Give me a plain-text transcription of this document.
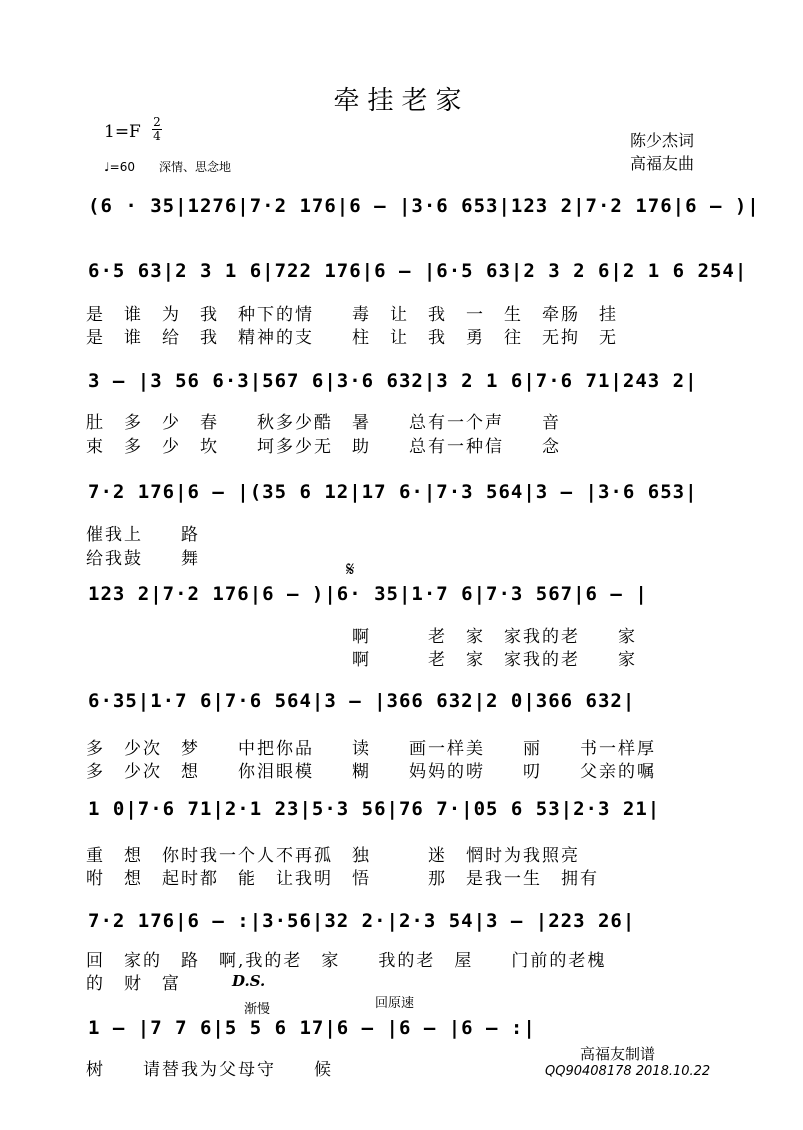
牵挂老家
1=F 2
4	陈少杰词
高福友曲
♩=60　　深情、思念地
(6 · 35|1276|7·2 176|6 – |3·6 653|123 2|7·2 176|6 – )|
6·5 63|2 3 1 6|722 176|6 – |6·5 63|2 3 2 6|2 1 6 254|
3 – |3 56 6·3|567 6|3·6 632|3 2 1 6|7·6 71|243 2|
7·2 176|6 – |(35 6 12|17 6·|7·3 564|3 – |3·6 653|
123 2|7·2 176|6 – )|6· 35|1·7 6|7·3 567|6 – |
6·35|1·7 6|7·6 564|3 – |366 632|2 0|366 632|
1 0|7·6 71|2·1 23|5·3 56|76 7·|05 6 53|2·3 21|
7·2 176|6 – :|3·56|32 2·|2·3 54|3 – |223 26|
1 – |7 7 6|5 5 6 17|6 – |6 – |6 – :|
是　谁　为　我　种下的情　　毒　让　我　一　生　牵肠　挂
是　谁　给　我　精神的支　　柱　让　我　勇　往　无拘　无
肚　多　少　春　　秋多少酷　暑　　总有一个声　　音
束　多　少　坎　　坷多少无　助　　总有一种信　　念
催我上　　路
给我鼓　　舞
啊　　　老　家　家我的老　　家
啊　　　老　家　家我的老　　家
多　少次　梦　　中把你品　　读　　画一样美　　丽　　书一样厚
多　少次　想　　你泪眼模　　糊　　妈妈的唠　　叨　　父亲的嘱
重　想　你时我一个人不再孤　独　　　迷　惘时为我照亮
咐　想　起时都　能　让我明　悟　　　那　是我一生　拥有
回　家的　路　啊,我的老　家　　我的老　屋　　门前的老槐
的　财　富
树　　请替我为父母守　　候
𝄋
D.S.
渐慢	回原速
高福友制谱
QQ90408178 2018.10.22
